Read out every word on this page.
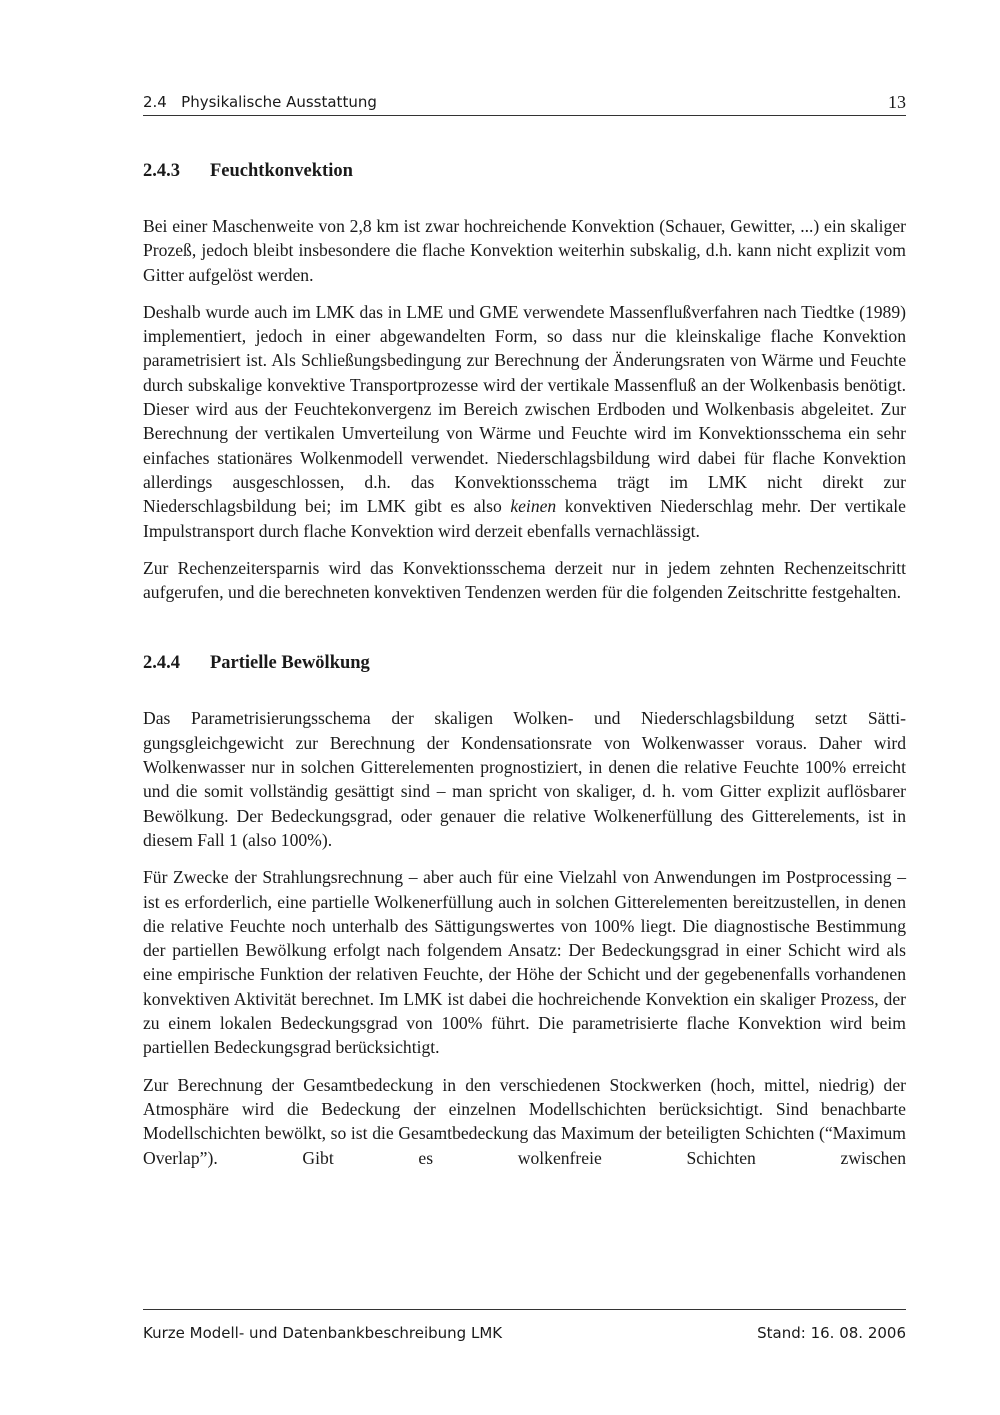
2.4   Physikalische Ausstattung	13
2.4.3 Feuchtkonvektion

Bei einer Maschenweite von 2,8 km ist zwar hochreichende Konvektion (Schauer, Gewitter, ...) ein skaliger Prozeß, jedoch bleibt insbesondere die flache Konvektion weiterhin subskalig, d.h. kann nicht explizit vom Gitter aufgelöst werden.

Deshalb wurde auch im LMK das in LME und GME verwendete Massenflußverfahren nach Tiedtke (1989) implementiert, jedoch in einer abgewandelten Form, so dass nur die kleinskalige flache Konvektion parametrisiert ist. Als Schließungsbedingung zur Berechnung der Änderungsraten von Wärme und Feuchte durch subskalige konvektive Transportprozesse wird der vertikale Massenfluß an der Wolkenbasis benötigt. Dieser wird aus der Feuchtekonvergenz im Bereich zwischen Erdboden und Wolkenbasis abgeleitet. Zur Berechnung der vertikalen Umverteilung von Wärme und Feuchte wird im Konvektionsschema ein sehr einfaches stationäres Wolkenmodell verwendet. Niederschlagsbildung wird dabei für flache Konvektion allerdings ausgeschlossen, d.h. das Konvektionsschema trägt im LMK nicht direkt zur Niederschlagsbildung bei; im LMK gibt es also keinen konvektiven Niederschlag mehr. Der vertikale Impulstransport durch flache Konvektion wird derzeit ebenfalls vernachlässigt.

Zur Rechenzeitersparnis wird das Konvektionsschema derzeit nur in jedem zehnten Rechenzeitschritt aufgerufen, und die berechneten konvektiven Tendenzen werden für die folgenden Zeitschritte festgehalten.

2.4.4 Partielle Bewölkung

Das Parametrisierungsschema der skaligen Wolken- und Niederschlagsbildung setzt Sättigungsgleichgewicht zur Berechnung der Kondensationsrate von Wolkenwasser voraus. Daher wird Wolkenwasser nur in solchen Gitterelementen prognostiziert, in denen die relative Feuchte 100% erreicht und die somit vollständig gesättigt sind – man spricht von skaliger, d. h. vom Gitter explizit auflösbarer Bewölkung. Der Bedeckungsgrad, oder genauer die relative Wolkenerfüllung des Gitterelements, ist in diesem Fall 1 (also 100%).

Für Zwecke der Strahlungsrechnung – aber auch für eine Vielzahl von Anwendungen im Postprocessing – ist es erforderlich, eine partielle Wolkenerfüllung auch in solchen Gitterelementen bereitzustellen, in denen die relative Feuchte noch unterhalb des Sättigungswertes von 100% liegt. Die diagnostische Bestimmung der partiellen Bewölkung erfolgt nach folgendem Ansatz: Der Bedeckungsgrad in einer Schicht wird als eine empirische Funktion der relativen Feuchte, der Höhe der Schicht und der gegebenenfalls vorhandenen konvektiven Aktivität berechnet. Im LMK ist dabei die hochreichende Konvektion ein skaliger Prozess, der zu einem lokalen Bedeckungsgrad von 100% führt. Die parametrisierte flache Konvektion wird beim partiellen Bedeckungsgrad berücksichtigt.

Zur Berechnung der Gesamtbedeckung in den verschiedenen Stockwerken (hoch, mittel, niedrig) der Atmosphäre wird die Bedeckung der einzelnen Modellschichten berücksichtigt. Sind benachbarte Modellschichten bewölkt, so ist die Gesamtbedeckung das Maximum der beteiligten Schichten (“Maximum Overlap”). Gibt es wolkenfreie Schichten zwischen

Kurze Modell- und Datenbankbeschreibung LMK	Stand: 16. 08. 2006
